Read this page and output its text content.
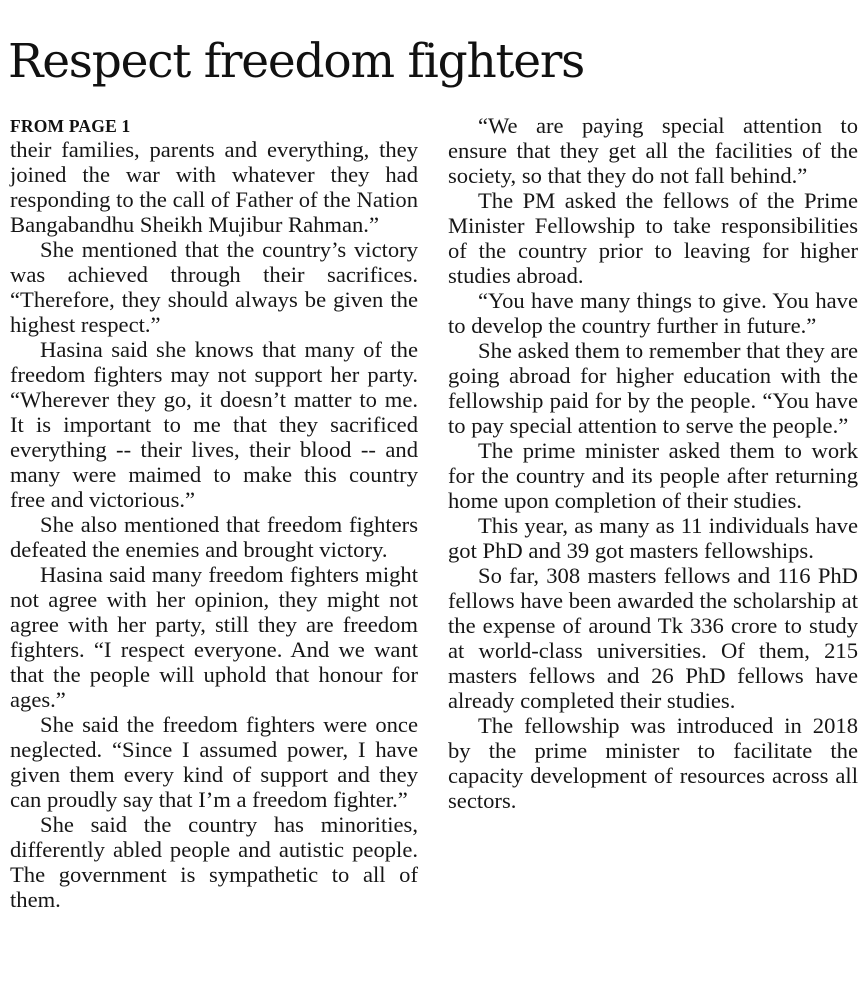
Respect freedom fighters
FROM PAGE 1

their families, parents and everything, they joined the war with whatever they had responding to the call of Father of the Nation Bangabandhu Sheikh Mujibur Rahman.”

She mentioned that the country’s victory was achieved through their sacrifices. “Therefore, they should always be given the highest respect.”

Hasina said she knows that many of the freedom fighters may not support her party. “Wherever they go, it doesn’t matter to me. It is important to me that they sacrificed everything -- their lives, their blood -- and many were maimed to make this country free and victorious.”

She also mentioned that freedom fighters defeated the enemies and brought victory.

Hasina said many freedom fighters might not agree with her opinion, they might not agree with her party, still they are freedom fighters. “I respect everyone. And we want that the people will uphold that honour for ages.”

She said the freedom fighters were once neglected. “Since I assumed power, I have given them every kind of support and they can proudly say that I’m a freedom fighter.”

She said the country has minorities, differently abled people and autistic people. The government is sympathetic to all of them.

“We are paying special attention to ensure that they get all the facilities of the society, so that they do not fall behind.”

The PM asked the fellows of the Prime Minister Fellowship to take responsibilities of the country prior to leaving for higher studies abroad.

“You have many things to give. You have to develop the country further in future.”

She asked them to remember that they are going abroad for higher education with the fellowship paid for by the people. “You have to pay special attention to serve the people.”

The prime minister asked them to work for the country and its people after returning home upon completion of their studies.

This year, as many as 11 individuals have got PhD and 39 got masters fellowships.

So far, 308 masters fellows and 116 PhD fellows have been awarded the scholarship at the expense of around Tk 336 crore to study at world-class universities. Of them, 215 masters fellows and 26 PhD fellows have already completed their studies.

The fellowship was introduced in 2018 by the prime minister to facilitate the capacity development of resources across all sectors.
